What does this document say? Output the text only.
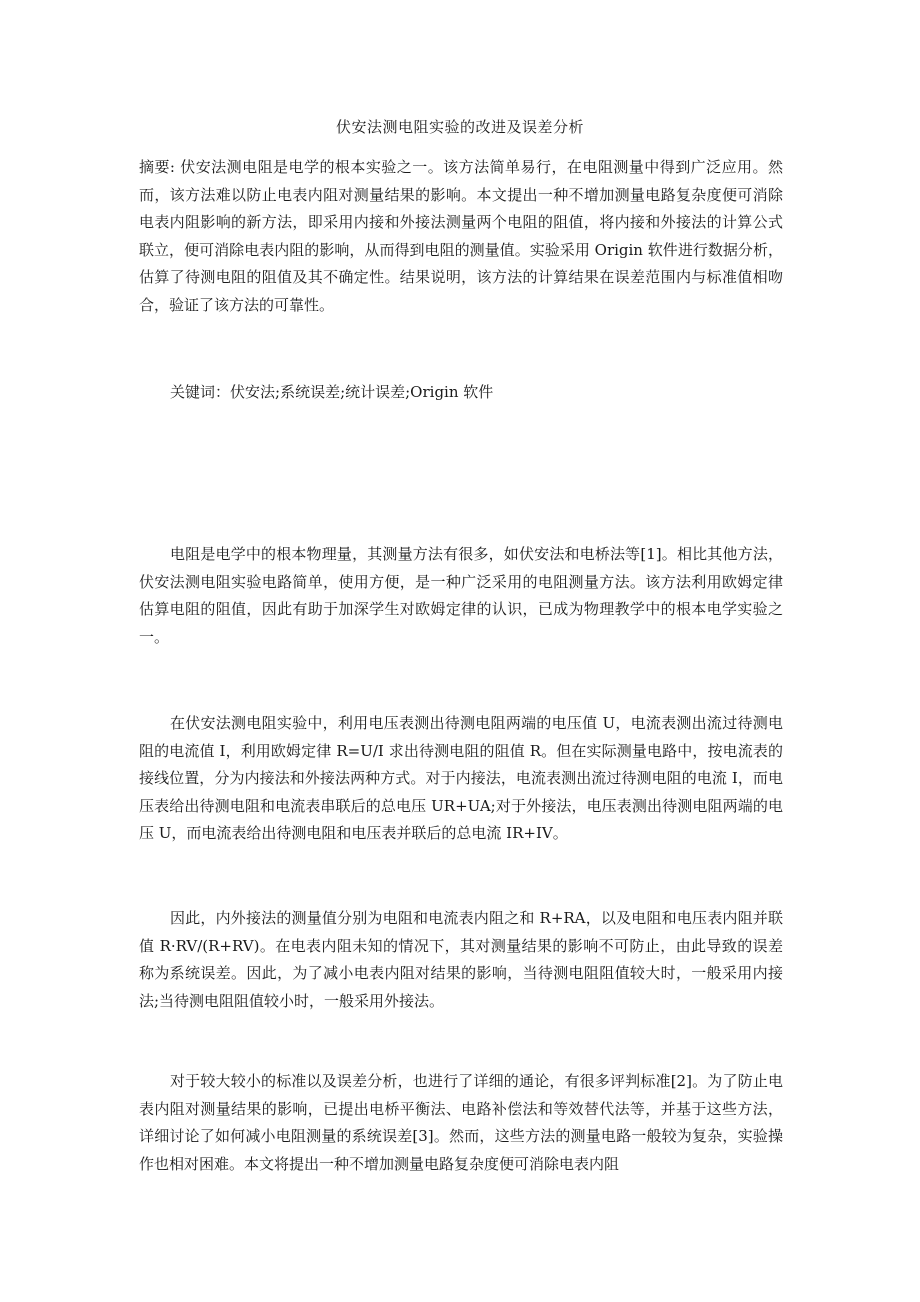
伏安法测电阻实验的改进及误差分析
摘要: 伏安法测电阻是电学的根本实验之一。该方法简单易行，在电阻测量中得到广泛应用。然而，该方法难以防止电表内阻对测量结果的影响。本文提出一种不增加测量电路复杂度便可消除电表内阻影响的新方法，即采用内接和外接法测量两个电阻的阻值，将内接和外接法的计算公式联立，便可消除电表内阻的影响，从而得到电阻的测量值。实验采用 Origin 软件进行数据分析，估算了待测电阻的阻值及其不确定性。结果说明，该方法的计算结果在误差范围内与标准值相吻合，验证了该方法的可靠性。
关键词：伏安法;系统误差;统计误差;Origin 软件
电阻是电学中的根本物理量，其测量方法有很多，如伏安法和电桥法等[1]。相比其他方法，伏安法测电阻实验电路简单，使用方便，是一种广泛采用的电阻测量方法。该方法利用欧姆定律估算电阻的阻值，因此有助于加深学生对欧姆定律的认识，已成为物理教学中的根本电学实验之一。
在伏安法测电阻实验中，利用电压表测出待测电阻两端的电压值 U，电流表测出流过待测电阻的电流值 I，利用欧姆定律 R=U/I 求出待测电阻的阻值 R。但在实际测量电路中，按电流表的接线位置，分为内接法和外接法两种方式。对于内接法，电流表测出流过待测电阻的电流 I，而电压表给出待测电阻和电流表串联后的总电压 UR+UA;对于外接法，电压表测出待测电阻两端的电压 U，而电流表给出待测电阻和电压表并联后的总电流 IR+IV。
因此，内外接法的测量值分别为电阻和电流表内阻之和 R+RA，以及电阻和电压表内阻并联值 R·RV/(R+RV)。在电表内阻未知的情况下，其对测量结果的影响不可防止，由此导致的误差称为系统误差。因此，为了减小电表内阻对结果的影响，当待测电阻阻值较大时，一般采用内接法;当待测电阻阻值较小时，一般采用外接法。
对于较大较小的标准以及误差分析，也进行了详细的通论，有很多评判标准[2]。为了防止电表内阻对测量结果的影响，已提出电桥平衡法、电路补偿法和等效替代法等，并基于这些方法，详细讨论了如何减小电阻测量的系统误差[3]。然而，这些方法的测量电路一般较为复杂，实验操作也相对困难。本文将提出一种不增加测量电路复杂度便可消除电表内阻
